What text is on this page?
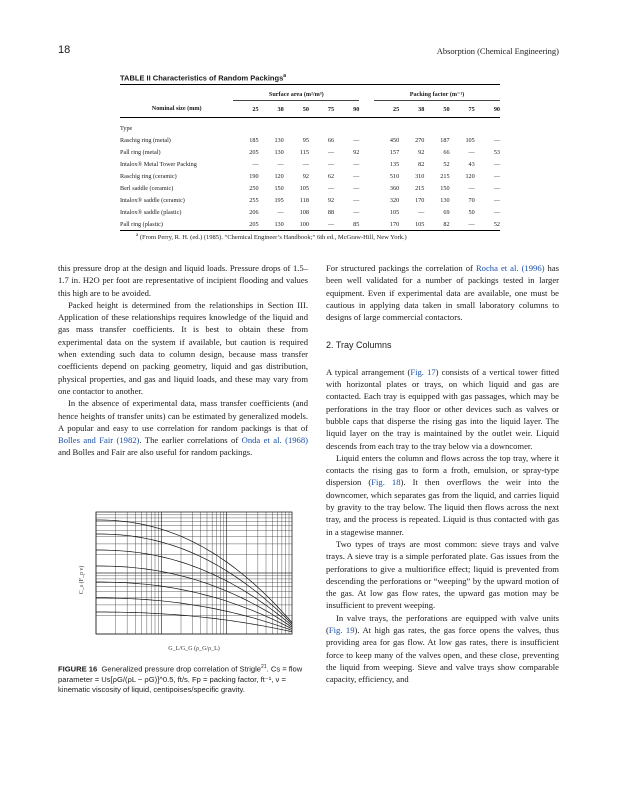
18	Absorption (Chemical Engineering)
TABLE II Characteristics of Random Packings$^a$
	Surface area (m²/m³)						Packing factor (m⁻¹)				
Nominal size (mm)	25	38	50	75	90		25	38	50	75	90
Type											
Raschig ring (metal)	185	130	95	66	—		450	270	187	105	—
Pall ring (metal)	205	130	115	—	92		157	92	66	—	53
Intalox® Metal Tower Packing	—	—	—	—	—		135	82	52	43	—
Raschig ring (ceramic)	190	120	92	62	—		510	310	215	120	—
Berl saddle (ceramic)	250	150	105	—	—		360	215	150	—	—
Intalox® saddle (ceramic)	255	195	118	92	—		320	170	130	70	—
Intalox® saddle (plastic)	206	—	108	88	—		105	—	69	50	—
Pall ring (plastic)	205	130	100	—	85		170	105	82	—	52
$^a$ (From Perry, R. H. (ed.) (1985). “Chemical Engineer’s Handbook;” 6th ed., McGraw-Hill, New York.)

this pressure drop at the design and liquid loads. Pressure drops of 1.5–1.7 in. H2O per foot are representative of incipient flooding and values this high are to be avoided.

Packed height is determined from the relationships in Section III. Application of these relationships requires knowledge of the liquid and gas mass transfer coefficients. It is best to obtain these from experimental data on the system if available, but caution is required when extending such data to column design, because mass transfer coefficients depend on packing geometry, liquid and gas distribution, physical properties, and gas and liquid loads, and these may vary from one contactor to another.

In the absence of experimental data, mass transfer coefficients (and hence heights of transfer units) can be estimated by generalized models. A popular and easy to use correlation for random packings is that of Bolles and Fair (1982). The earlier correlations of Onda et al. (1968) and Bolles and Fair are also useful for random packings.

C_s (F_p ν)
G_L/G_G (ρ_G/ρ_L)
FIGURE 16 Generalized pressure drop correlation of Strigle$^{21}$. Cs = flow parameter = Us[ρG/(ρL − ρG)]^0.5, ft/s. Fp = packing factor, ft⁻¹, ν = kinematic viscosity of liquid, centipoises/specific gravity.

For structured packings the correlation of Rocha et al. (1996) has been well validated for a number of packings tested in larger equipment. Even if experimental data are available, one must be cautious in applying data taken in small laboratory columns to designs of large commercial contactors.

2. Tray Columns

A typical arrangement (Fig. 17) consists of a vertical tower fitted with horizontal plates or trays, on which liquid and gas are contacted. Each tray is equipped with gas passages, which may be perforations in the tray floor or other devices such as valves or bubble caps that disperse the rising gas into the liquid layer. The liquid layer on the tray is maintained by the outlet weir. Liquid descends from each tray to the tray below via a downcomer.

Liquid enters the column and flows across the top tray, where it contacts the rising gas to form a froth, emulsion, or spray-type dispersion (Fig. 18). It then overflows the weir into the downcomer, which separates gas from the liquid, and carries liquid by gravity to the tray below. The liquid then flows across the next tray, and the process is repeated. Liquid is thus contacted with gas in a stagewise manner.

Two types of trays are most common: sieve trays and valve trays. A sieve tray is a simple perforated plate. Gas issues from the perforations to give a multiorifice effect; liquid is prevented from descending the perforations or “weeping” by the upward motion of the gas. At low gas flow rates, the upward gas motion may be insufficient to prevent weeping.

In valve trays, the perforations are equipped with valve units (Fig. 19). At high gas rates, the gas force opens the valves, thus providing area for gas flow. At low gas rates, there is insufficient force to keep many of the valves open, and these close, preventing the liquid from weeping. Sieve and valve trays show comparable capacity, efficiency, and
